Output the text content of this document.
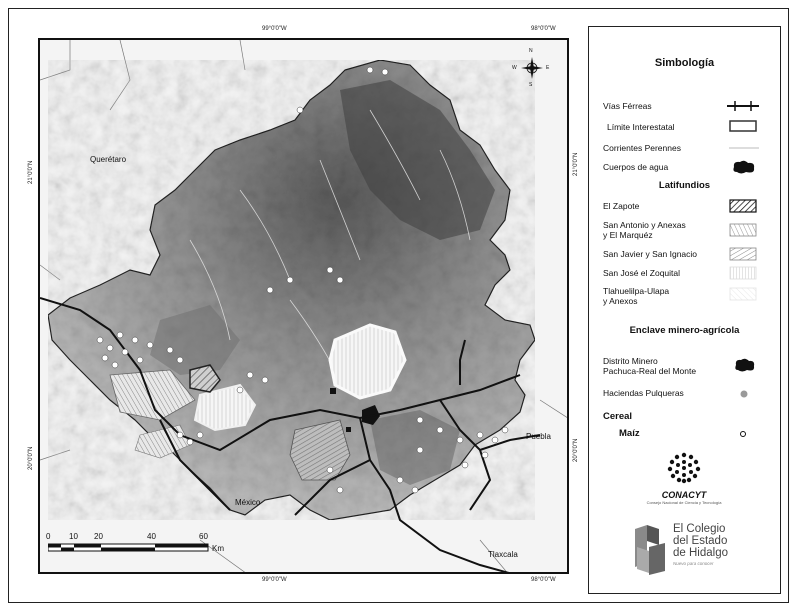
99°0'0"W	98°0'0"W
99°0'0"W	98°0'0"W
21°0'0"N
20°0'0"N
21°0'0"N
20°0'0"N
N
S
E
W
Querétaro
México
Puebla
Tlaxcala
0 10 20	40	60
Km
Simbología
Vías Férreas
Límite Interestatal
Corrientes Perennes
Cuerpos de agua
Latifundios
El Zapote
San Antonio y Anexas
y El Marquéz
San Javier y San Ignacio
San José el Zoquital
Tlahuelilpa-Ulapa
y Anexos
Enclave minero-agrícola
Distrito Minero
Pachuca-Real del Monte
Haciendas Pulqueras
Cereal
Maíz
CONACYT
Consejo Nacional de Ciencia y Tecnología
El Colegio
del Estado
de Hidalgo
Nuevo para conocer
